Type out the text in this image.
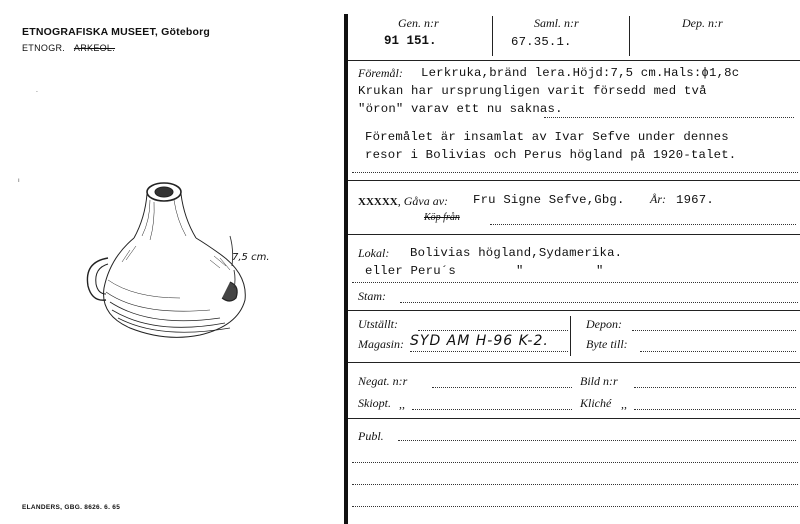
ETNOGRAFISKA MUSEET, Göteborg
ETNOGR. ARKEOL.
`
ı
7,5 cm.
ELANDERS, GBG. 8626. 6. 65
Gen. n:r
91 151.
Saml. n:r
67.35.1.
Dep. n:r
Föremål: Lerkruka,bränd lera.Höjd:7,5 cm.Hals:ϕ1,8c
Krukan har ursprungligen varit försedd med två
"öron" varav ett nu saknas.
Föremålet är insamlat av Ivar Sefve under dennes
resor i Bolivias och Perus högland på 1920-talet.
XXXXX, Gåva av: Fru Signe Sefve,Gbg. År: 1967.
Köp från
Lokal: Bolivias högland,Sydamerika.
eller Peru´s	"	"
Stam:
Utställt:
Magasin: SYD AM H-96 K-2.
Depon:
Byte till:
Negat. n:r	Bild n:r
Skiopt. ,,	Kliché ,,
Publ.
